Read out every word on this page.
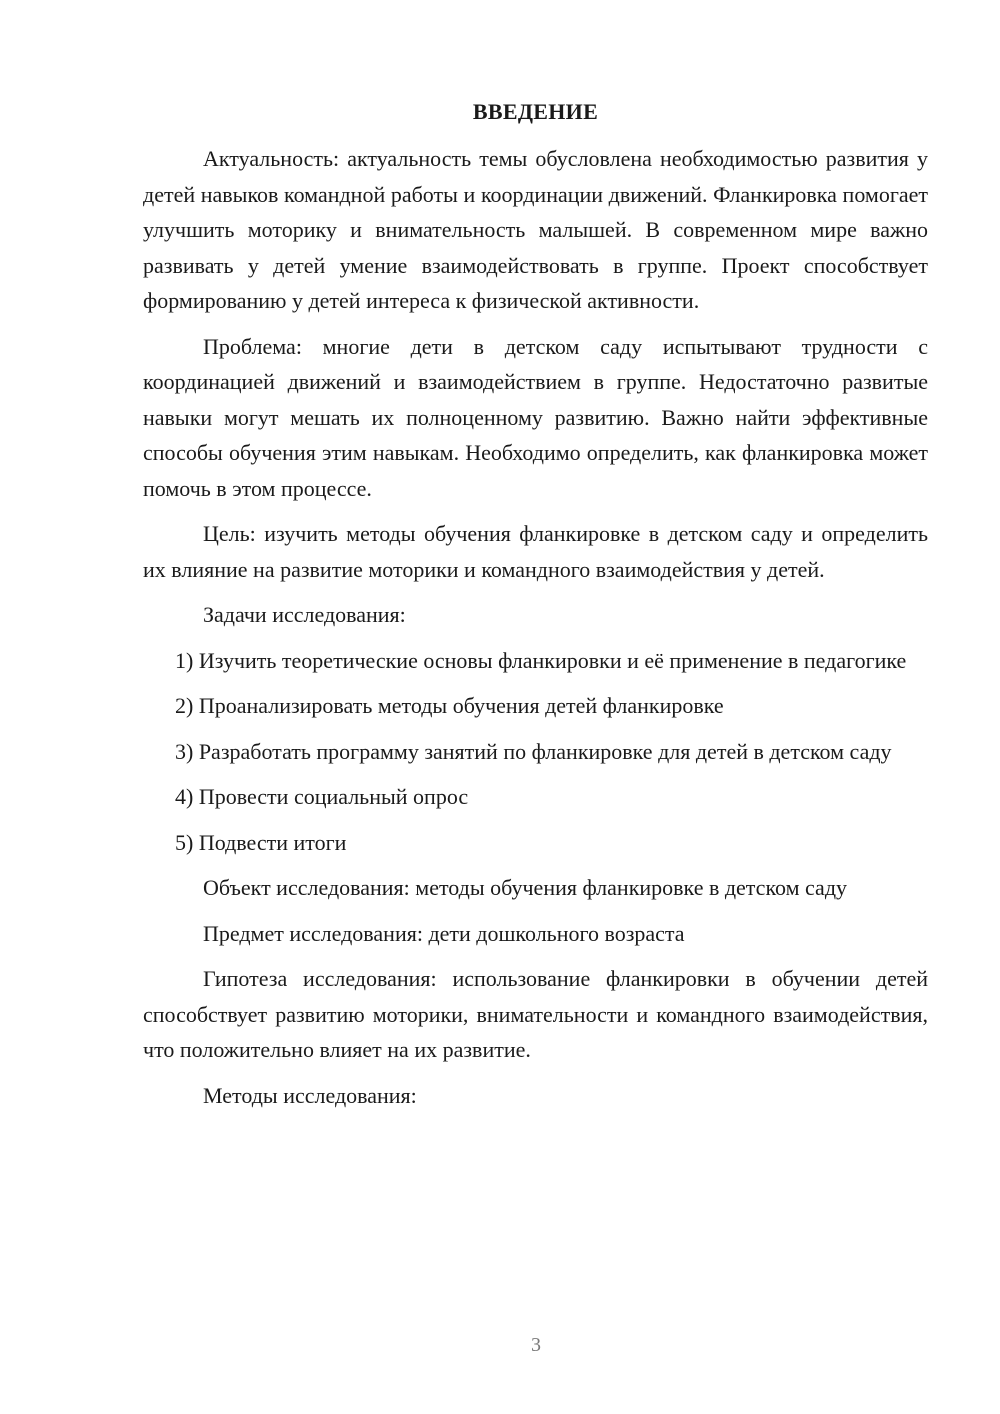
ВВЕДЕНИЕ

Актуальность: актуальность темы обусловлена необходимостью развития у детей навыков командной работы и координации движений. Фланкировка помогает улучшить моторику и внимательность малышей. В современном мире важно развивать у детей умение взаимодействовать в группе. Проект способствует формированию у детей интереса к физической активности.

Проблема: многие дети в детском саду испытывают трудности с координацией движений и взаимодействием в группе. Недостаточно развитые навыки могут мешать их полноценному развитию. Важно найти эффективные способы обучения этим навыкам. Необходимо определить, как фланкировка может помочь в этом процессе.

Цель: изучить методы обучения фланкировке в детском саду и определить их влияние на развитие моторики и командного взаимодействия у детей.

Задачи исследования:

1) Изучить теоретические основы фланкировки и её применение в педагогике

2) Проанализировать методы обучения детей фланкировке

3) Разработать программу занятий по фланкировке для детей в детском саду

4) Провести социальный опрос

5) Подвести итоги

Объект исследования: методы обучения фланкировке в детском саду

Предмет исследования: дети дошкольного возраста

Гипотеза исследования: использование фланкировки в обучении детей способствует развитию моторики, внимательности и командного взаимодействия, что положительно влияет на их развитие.

Методы исследования:

3
